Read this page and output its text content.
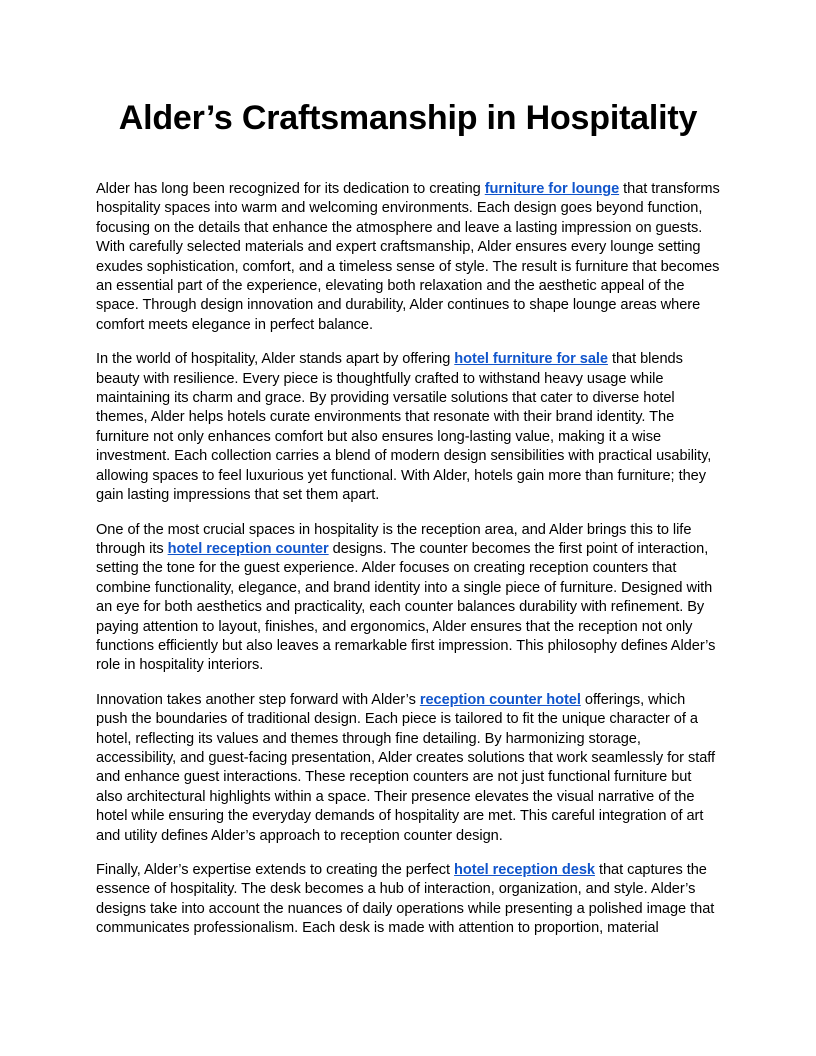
Alder’s Craftsmanship in Hospitality

Alder has long been recognized for its dedication to creating furniture for lounge that transforms hospitality spaces into warm and welcoming environments. Each design goes beyond function, focusing on the details that enhance the atmosphere and leave a lasting impression on guests. With carefully selected materials and expert craftsmanship, Alder ensures every lounge setting exudes sophistication, comfort, and a timeless sense of style. The result is furniture that becomes an essential part of the experience, elevating both relaxation and the aesthetic appeal of the space. Through design innovation and durability, Alder continues to shape lounge areas where comfort meets elegance in perfect balance.

In the world of hospitality, Alder stands apart by offering hotel furniture for sale that blends beauty with resilience. Every piece is thoughtfully crafted to withstand heavy usage while maintaining its charm and grace. By providing versatile solutions that cater to diverse hotel themes, Alder helps hotels curate environments that resonate with their brand identity. The furniture not only enhances comfort but also ensures long-lasting value, making it a wise investment. Each collection carries a blend of modern design sensibilities with practical usability, allowing spaces to feel luxurious yet functional. With Alder, hotels gain more than furniture; they gain lasting impressions that set them apart.

One of the most crucial spaces in hospitality is the reception area, and Alder brings this to life through its hotel reception counter designs. The counter becomes the first point of interaction, setting the tone for the guest experience. Alder focuses on creating reception counters that combine functionality, elegance, and brand identity into a single piece of furniture. Designed with an eye for both aesthetics and practicality, each counter balances durability with refinement. By paying attention to layout, finishes, and ergonomics, Alder ensures that the reception not only functions efficiently but also leaves a remarkable first impression. This philosophy defines Alder’s role in hospitality interiors.

Innovation takes another step forward with Alder’s reception counter hotel offerings, which push the boundaries of traditional design. Each piece is tailored to fit the unique character of a hotel, reflecting its values and themes through fine detailing. By harmonizing storage, accessibility, and guest-facing presentation, Alder creates solutions that work seamlessly for staff and enhance guest interactions. These reception counters are not just functional furniture but also architectural highlights within a space. Their presence elevates the visual narrative of the hotel while ensuring the everyday demands of hospitality are met. This careful integration of art and utility defines Alder’s approach to reception counter design.

Finally, Alder’s expertise extends to creating the perfect hotel reception desk that captures the essence of hospitality. The desk becomes a hub of interaction, organization, and style. Alder’s designs take into account the nuances of daily operations while presenting a polished image that communicates professionalism. Each desk is made with attention to proportion, material
